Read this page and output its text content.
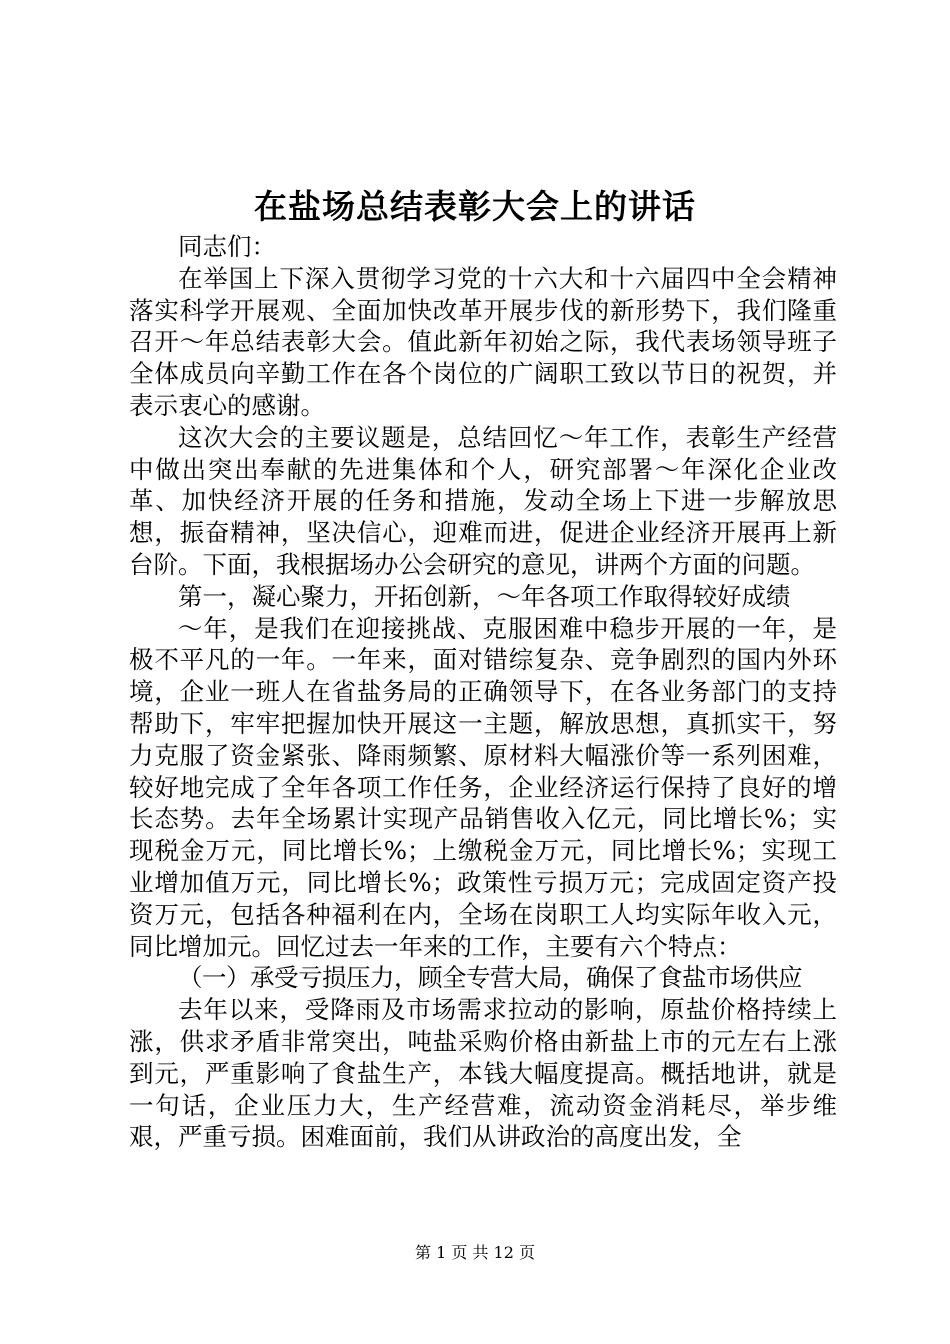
在盐场总结表彰大会上的讲话

同志们：

在举国上下深入贯彻学习党的十六大和十六届四中全会精神落实科学开展观、全面加快改革开展步伐的新形势下，我们隆重召开～年总结表彰大会。值此新年初始之际，我代表场领导班子全体成员向辛勤工作在各个岗位的广阔职工致以节日的祝贺，并表示衷心的感谢。

这次大会的主要议题是，总结回忆～年工作，表彰生产经营中做出突出奉献的先进集体和个人，研究部署～年深化企业改革、加快经济开展的任务和措施，发动全场上下进一步解放思想，振奋精神，坚决信心，迎难而进，促进企业经济开展再上新台阶。下面，我根据场办公会研究的意见，讲两个方面的问题。

第一，凝心聚力，开拓创新，～年各项工作取得较好成绩

～年，是我们在迎接挑战、克服困难中稳步开展的一年，是极不平凡的一年。一年来，面对错综复杂、竞争剧烈的国内外环境，企业一班人在省盐务局的正确领导下，在各业务部门的支持帮助下，牢牢把握加快开展这一主题，解放思想，真抓实干，努力克服了资金紧张、降雨频繁、原材料大幅涨价等一系列困难，较好地完成了全年各项工作任务，企业经济运行保持了良好的增长态势。去年全场累计实现产品销售收入亿元，同比增长%；实现税金万元，同比增长%；上缴税金万元，同比增长%；实现工业增加值万元，同比增长%；政策性亏损万元；完成固定资产投资万元，包括各种福利在内，全场在岗职工人均实际年收入元，同比增加元。回忆过去一年来的工作，主要有六个特点：

（一）承受亏损压力，顾全专营大局，确保了食盐市场供应

去年以来，受降雨及市场需求拉动的影响，原盐价格持续上涨，供求矛盾非常突出，吨盐采购价格由新盐上市的元左右上涨到元，严重影响了食盐生产，本钱大幅度提高。概括地讲，就是一句话，企业压力大，生产经营难，流动资金消耗尽，举步维艰，严重亏损。困难面前，我们从讲政治的高度出发，全

第 1 页 共 12 页
